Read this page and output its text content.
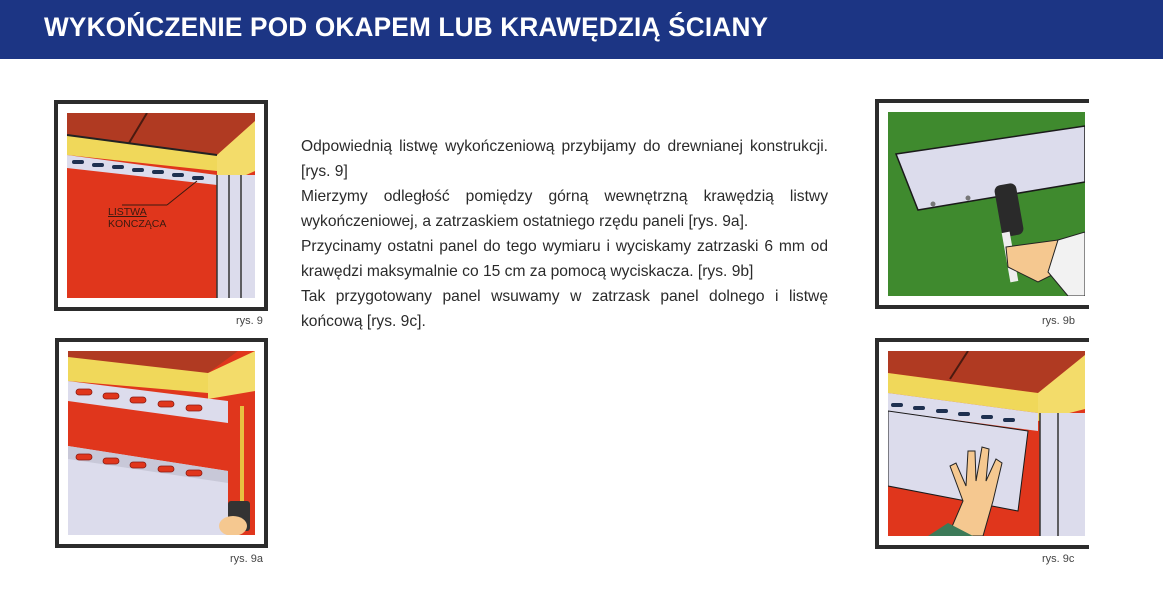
WYKOŃCZENIE POD OKAPEM LUB KRAWĘDZIĄ ŚCIANY
LISTWA
KONCZĄCA
rys. 9
rys. 9a

Odpowiednią listwę wykończeniową przybijamy do drewnianej konstrukcji. [rys. 9]

Mierzymy odległość pomiędzy górną wewnętrzną krawędzią listwy wykończeniowej, a zatrzaskiem ostatniego rzędu paneli [rys. 9a].

Przycinamy ostatni panel do tego wymiaru i wyciskamy zatrzaski 6 mm od krawędzi maksymalnie co 15 cm za pomocą wyciskacza. [rys. 9b]

Tak przygotowany panel wsuwamy w zatrzask panel dolnego i listwę końcową [rys. 9c].	rys. 9b
rys. 9c
